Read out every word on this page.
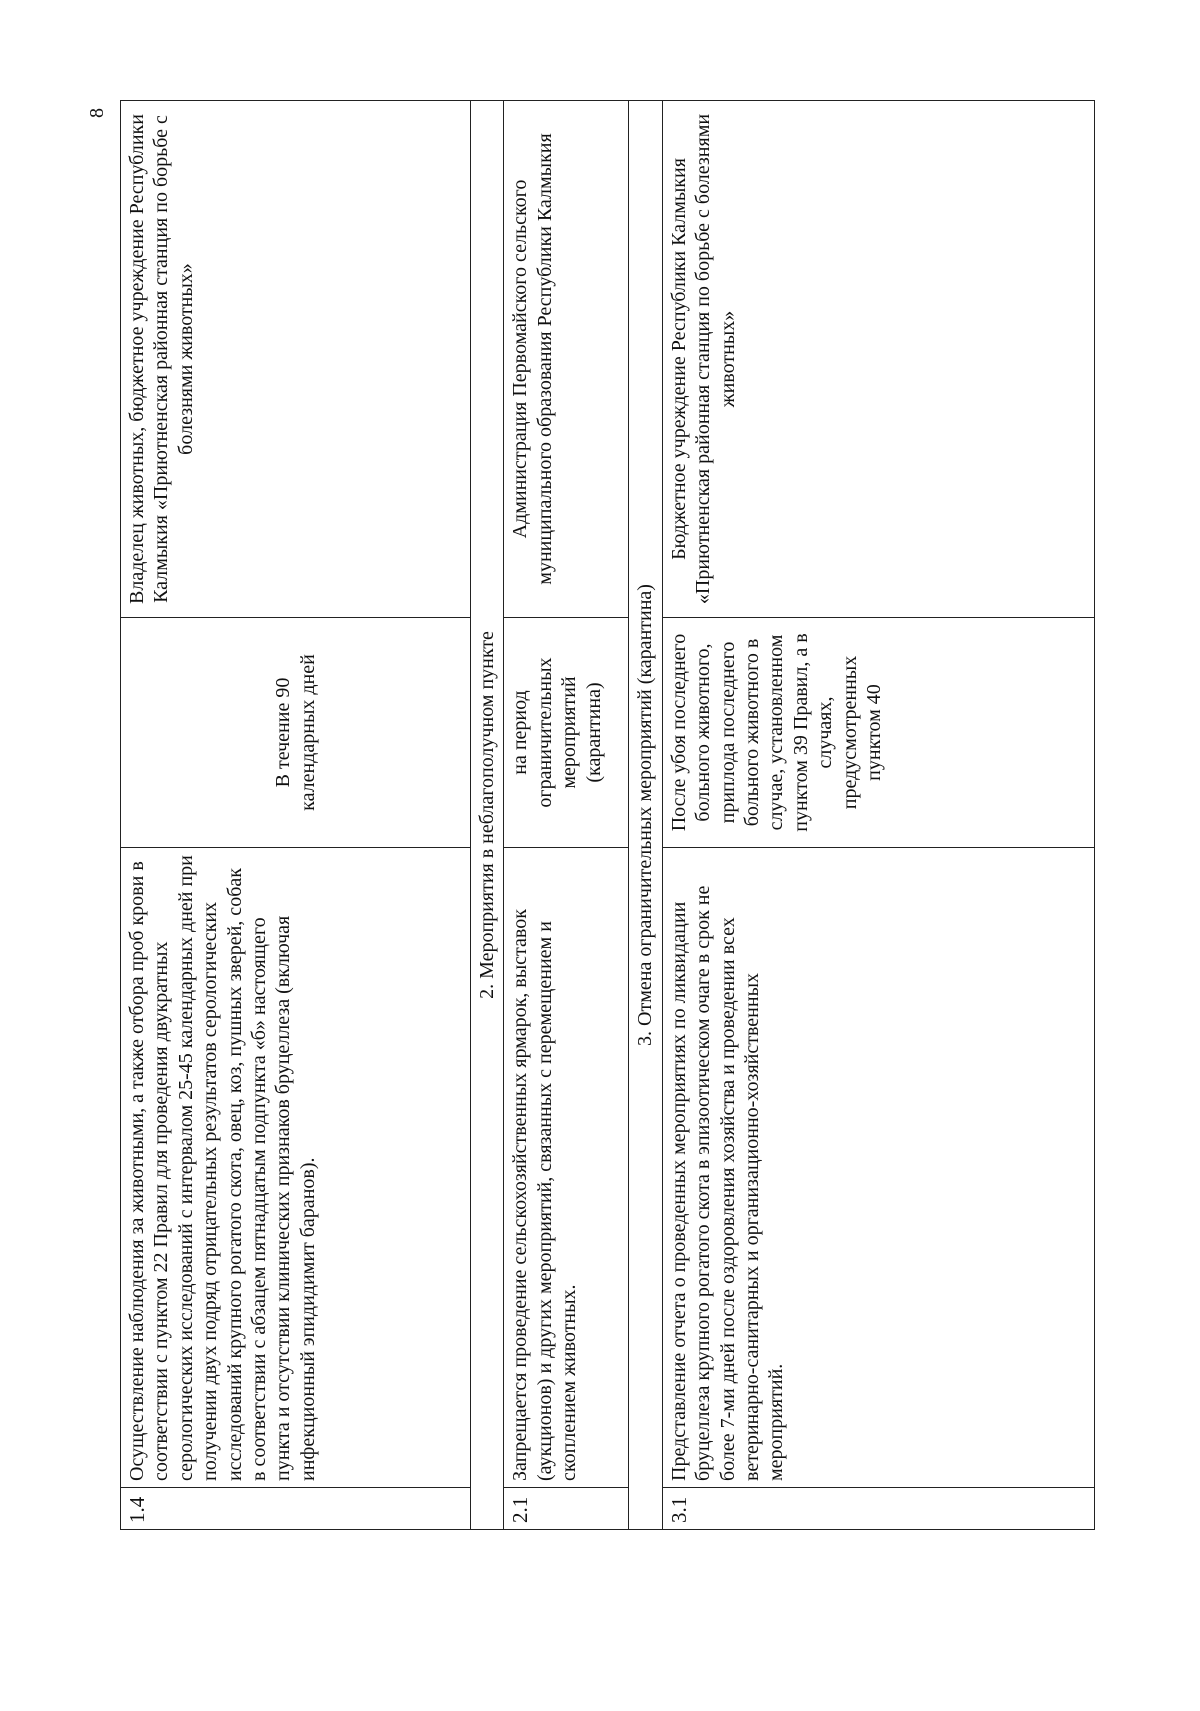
8
1.4	Осуществление наблюдения за животными, а также отбора проб крови в соответствии с пунктом 22 Правил для проведения двукратных серологических исследований с интервалом 25-45 календарных дней при получении двух подряд отрицательных результатов серологических исследований крупного рогатого скота, овец, коз, пушных зверей, собак в соответствии с абзацем пятнадцатым подпункта «б» настоящего пункта и отсутствии клинических признаков бруцеллеза (включая инфекционный эпидидимит баранов).	В течение 90 календарных дней	Владелец животных, бюджетное учреждение Республики Калмыкия «Приютненская районная станция по борьбе с болезнями животных»
2. Мероприятия в неблагополучном пункте			
2.1	Запрещается проведение сельскохозяйственных ярмарок, выставок (аукционов) и других мероприятий, связанных с перемещением и скоплением животных.	на период ограничительных мероприятий (карантина)	Администрация Первомайского сельского муниципального образования Республики Калмыкия
3. Отмена ограничительных мероприятий (карантина)			
3.1	Представление отчета о проведенных мероприятиях по ликвидации бруцеллеза крупного рогатого скота в эпизоотическом очаге в срок не более 7-ми дней после оздоровления хозяйства и проведении всех ветеринарно-санитарных и организационно-хозяйственных мероприятий.	После убоя последнего больного животного, приплода последнего больного животного в случае, установленном пунктом 39 Правил, а в случаях, предусмотренных пунктом 40	Бюджетное учреждение Республики Калмыкия «Приютненская районная станция по борьбе с болезнями животных»
